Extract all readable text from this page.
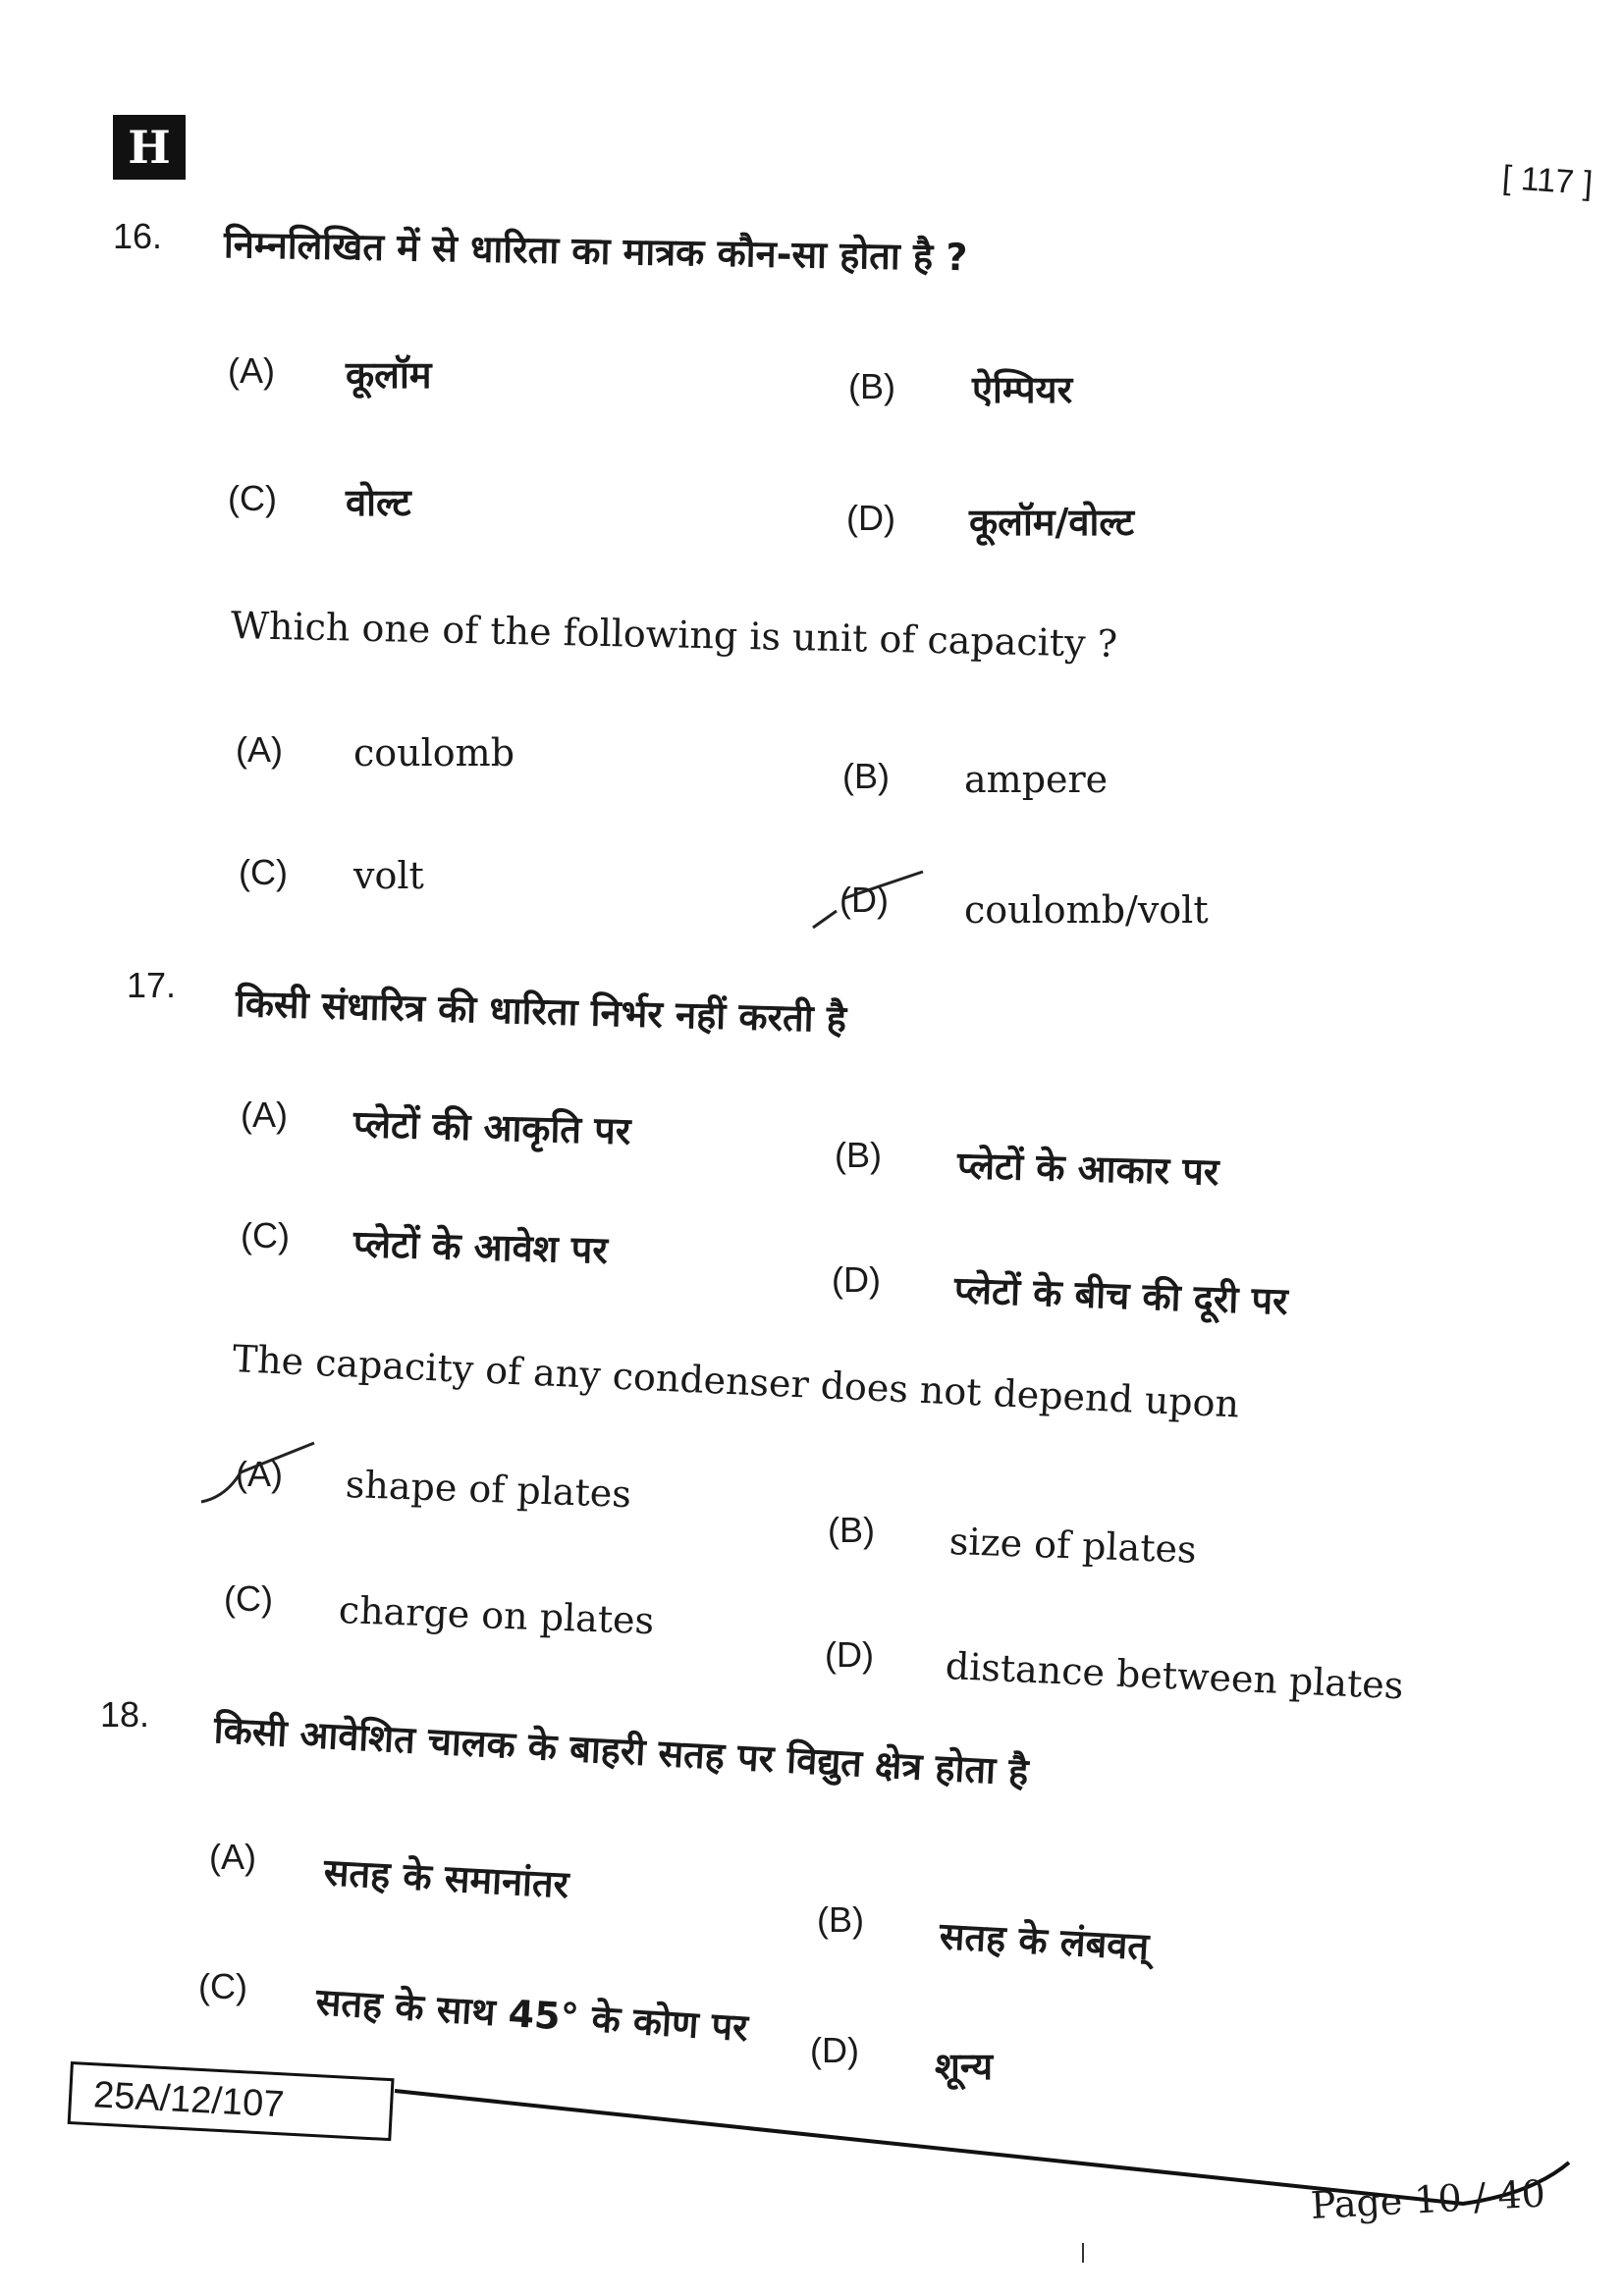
H
[ 117 ]
16. निम्नलिखित में से धारिता का मात्रक कौन-सा होता है ?
(A) कूलॉम	(B) ऐम्पियर
(C) वोल्ट	(D) कूलॉम/वोल्ट
Which one of the following is unit of capacity ?
(A) coulomb
(B) ampere
(C) volt
(D) coulomb/volt
17. किसी संधारित्र की धारिता निर्भर नहीं करती है
(A) प्लेटों की आकृति पर
(B) प्लेटों के आकार पर
(C) प्लेटों के आवेश पर
(D) प्लेटों के बीच की दूरी पर
The capacity of any condenser does not depend upon
(A) shape of plates
(B) size of plates
(C) charge on plates
(D) distance between plates
18. किसी आवेशित चालक के बाहरी सतह पर विद्युत क्षेत्र होता है
(A) सतह के समानांतर
(B) सतह के लंबवत्
(C) सतह के साथ 45° के कोण पर
(D) शून्य
25A/12/107
Page 10 / 40
